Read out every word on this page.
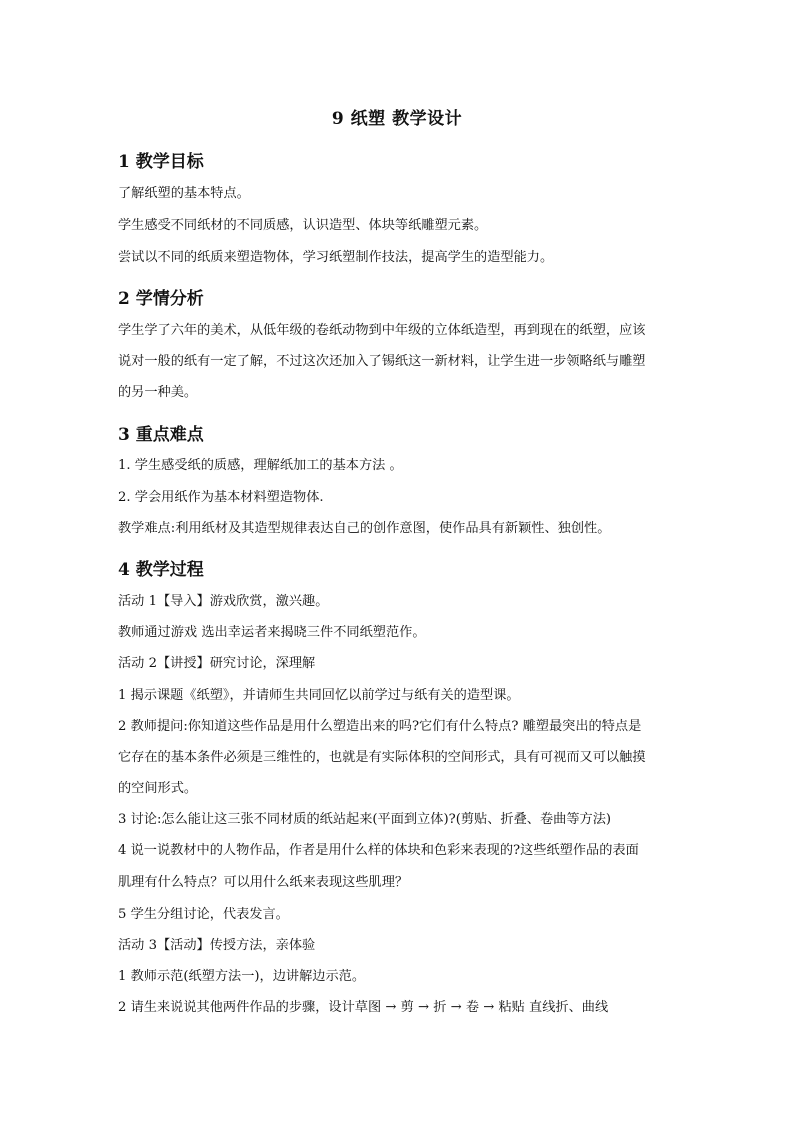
9 纸塑 教学设计
1 教学目标
了解纸塑的基本特点。
学生感受不同纸材的不同质感，认识造型、体块等纸雕塑元素。
尝试以不同的纸质来塑造物体，学习纸塑制作技法，提高学生的造型能力。
2 学情分析
学生学了六年的美术，从低年级的卷纸动物到中年级的立体纸造型，再到现在的纸塑，应该
说对一般的纸有一定了解，不过这次还加入了锡纸这一新材料，让学生进一步领略纸与雕塑
的另一种美。
3 重点难点
1. 学生感受纸的质感，理解纸加工的基本方法 。
2. 学会用纸作为基本材料塑造物体.
教学难点:利用纸材及其造型规律表达自己的创作意图，使作品具有新颖性、独创性。
4 教学过程
活动 1【导入】游戏欣赏，激兴趣。
教师通过游戏 选出幸运者来揭晓三件不同纸塑范作。
活动 2【讲授】研究讨论，深理解
1 揭示课题《纸塑》，并请师生共同回忆以前学过与纸有关的造型课。
2 教师提问:你知道这些作品是用什么塑造出来的吗?它们有什么特点? 雕塑最突出的特点是
它存在的基本条件必须是三维性的，也就是有实际体积的空间形式，具有可视而又可以触摸
的空间形式。
3 讨论:怎么能让这三张不同材质的纸站起来(平面到立体)?(剪贴、折叠、卷曲等方法)
4 说一说教材中的人物作品，作者是用什么样的体块和色彩来表现的?这些纸塑作品的表面
肌理有什么特点？可以用什么纸来表现这些肌理？
5 学生分组讨论，代表发言。
活动 3【活动】传授方法，亲体验
1 教师示范(纸塑方法一)，边讲解边示范。
2 请生来说说其他两件作品的步骤，设计草图 → 剪 → 折 → 卷 → 粘贴 直线折、曲线
